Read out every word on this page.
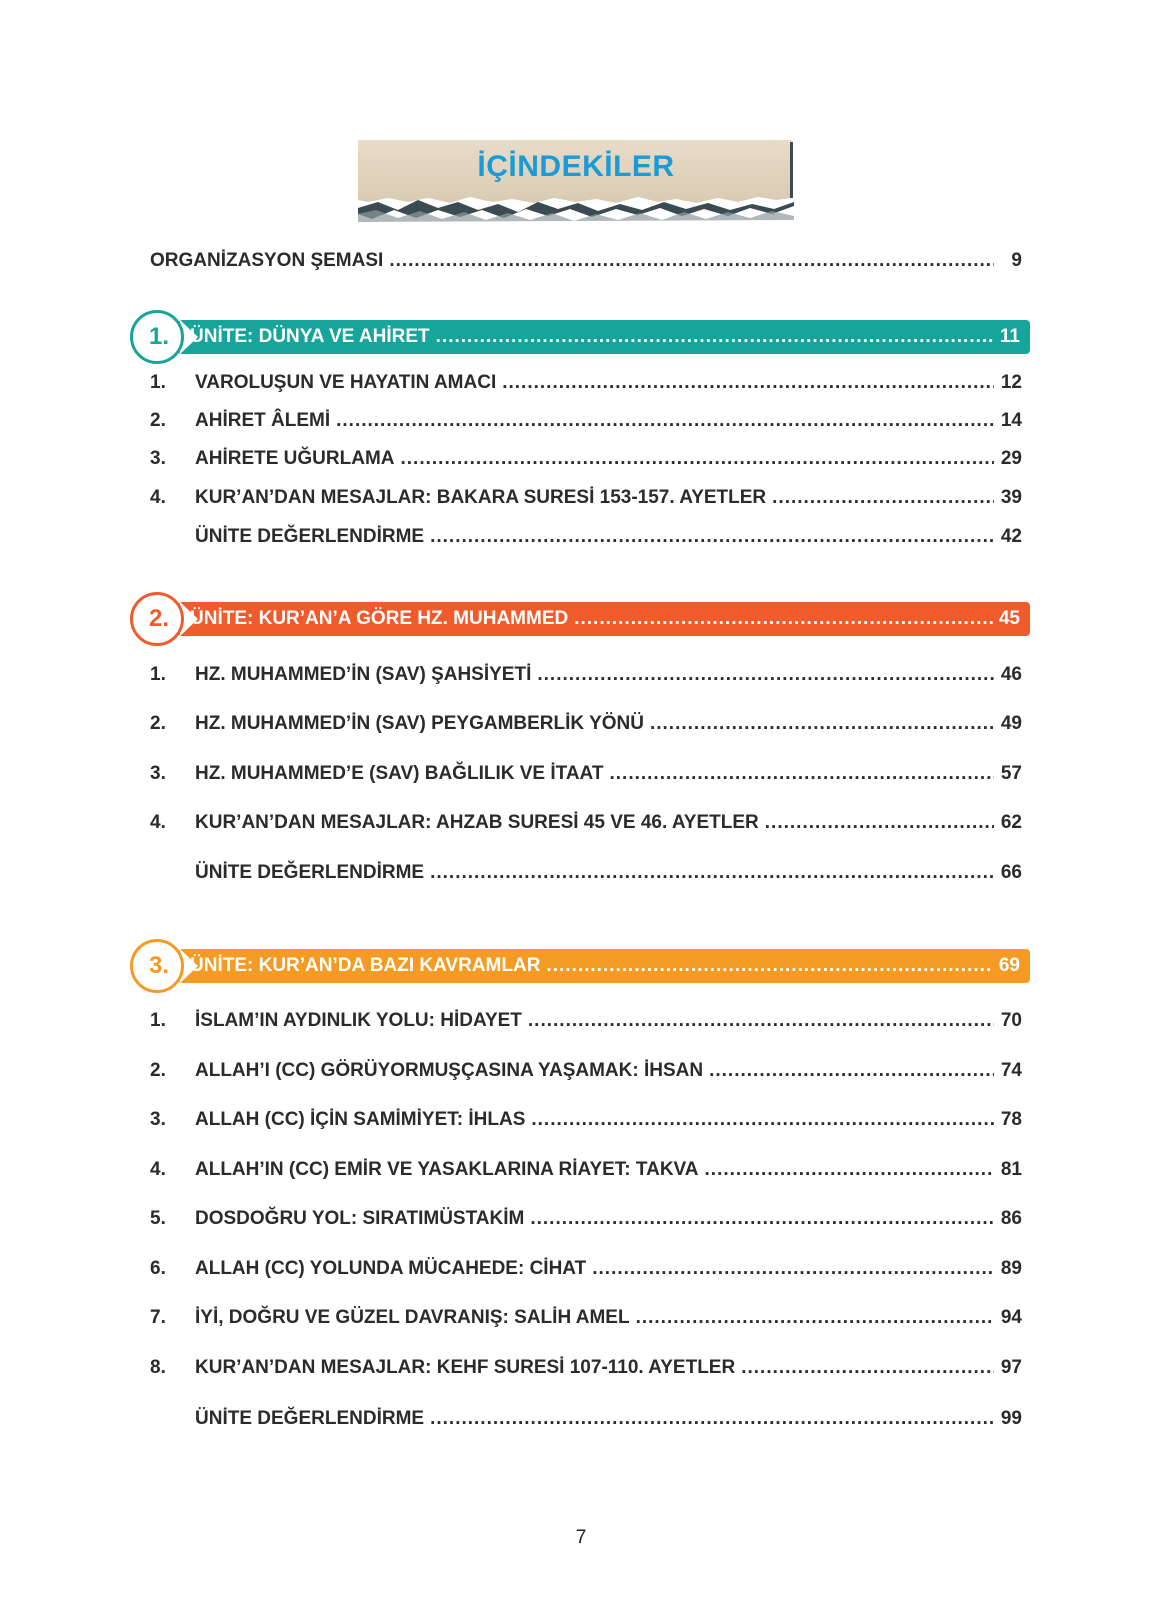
İÇİNDEKİLER
ORGANİZASYON ŞEMASI .....	9
ÜNİTE: DÜNYA VE AHİRET .....	11
1.
1.	VAROLUŞUN VE HAYATIN AMACI .....	12
2.	AHİRET ÂLEMİ .....	14
3.	AHİRETE UĞURLAMA .....	29
4.	KUR’AN’DAN MESAJLAR: BAKARA SURESİ 153-157. AYETLER .....	39
ÜNİTE DEĞERLENDİRME .....	42
ÜNİTE: KUR’AN’A GÖRE HZ. MUHAMMED .....	45
2.
1.	HZ. MUHAMMED’İN (SAV) ŞAHSİYETİ .....	46
2.	HZ. MUHAMMED’İN (SAV) PEYGAMBERLİK YÖNÜ .....	49
3.	HZ. MUHAMMED’E (SAV) BAĞLILIK VE İTAAT .....	57
4.	KUR’AN’DAN MESAJLAR: AHZAB SURESİ 45 VE 46. AYETLER .....	62
ÜNİTE DEĞERLENDİRME .....	66
ÜNİTE: KUR’AN’DA BAZI KAVRAMLAR .....	69
3.
1.	İSLAM’IN AYDINLIK YOLU: HİDAYET .....	70
2.	ALLAH’I (CC) GÖRÜYORMUŞÇASINA YAŞAMAK: İHSAN .....	74
3.	ALLAH (CC) İÇİN SAMİMİYET: İHLAS .....	78
4.	ALLAH’IN (CC) EMİR VE YASAKLARINA RİAYET: TAKVA .....	81
5.	DOSDOĞRU YOL: SIRATIMÜSTAKİM .....	86
6.	ALLAH (CC) YOLUNDA MÜCAHEDE: CİHAT .....	89
7.	İYİ, DOĞRU VE GÜZEL DAVRANIŞ: SALİH AMEL .....	94
8.	KUR’AN’DAN MESAJLAR: KEHF SURESİ 107-110. AYETLER .....	97
ÜNİTE DEĞERLENDİRME .....	99
7
